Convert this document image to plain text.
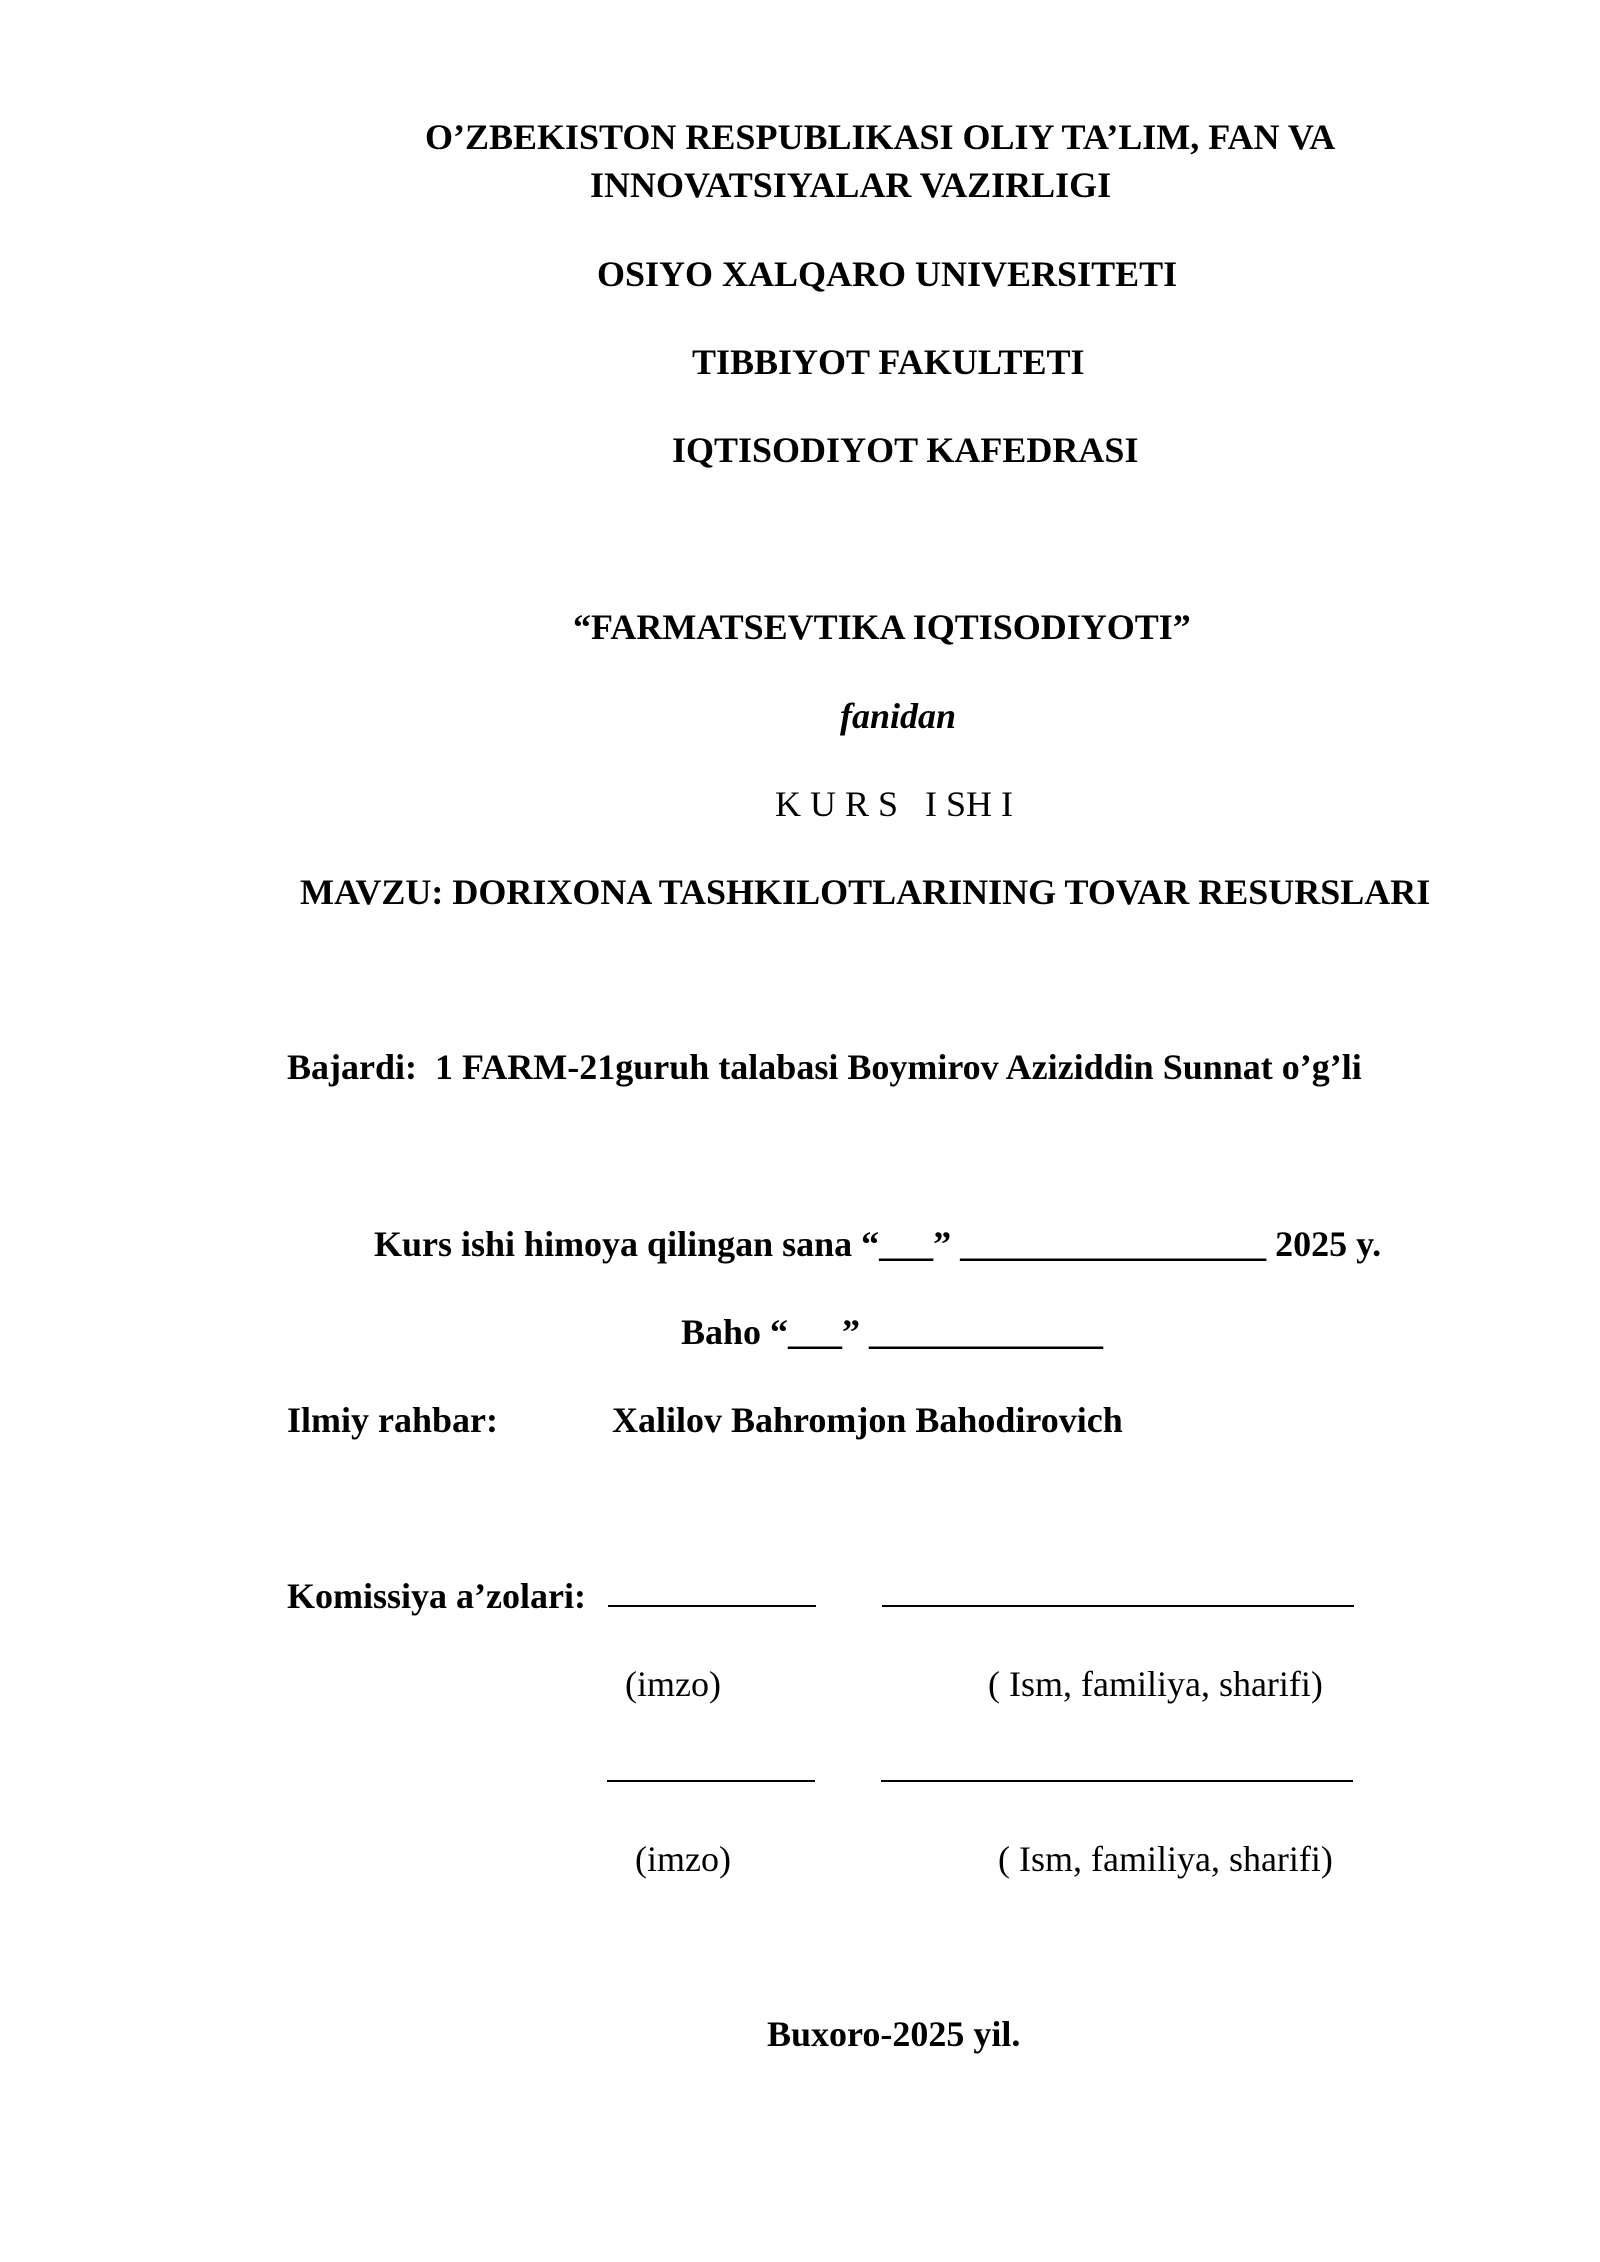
O’ZBEKISTON RESPUBLIKASI OLIY TA’LIM, FAN VA
INNOVATSIYALAR VAZIRLIGI
OSIYO XALQARO UNIVERSITETI
TIBBIYOT FAKULTETI
IQTISODIYOT KAFEDRASI
“FARMATSEVTIKA IQTISODIYOTI”
fanidan
K U R S   I SH I
MAVZU: DORIXONA TASHKILOTLARINING TOVAR RESURSLARI
Bajardi:  1 FARM-21guruh talabasi Boymirov Aziziddin Sunnat o’g’li
Kurs ishi himoya qilingan sana “___” _________________ 2025 y.
Baho “___” _____________
Ilmiy rahbar:	Xalilov Bahromjon Bahodirovich
Komissiya a’zolari:
(imzo)	( Ism, familiya, sharifi)
(imzo)	( Ism, familiya, sharifi)
Buxoro-2025 yil.
